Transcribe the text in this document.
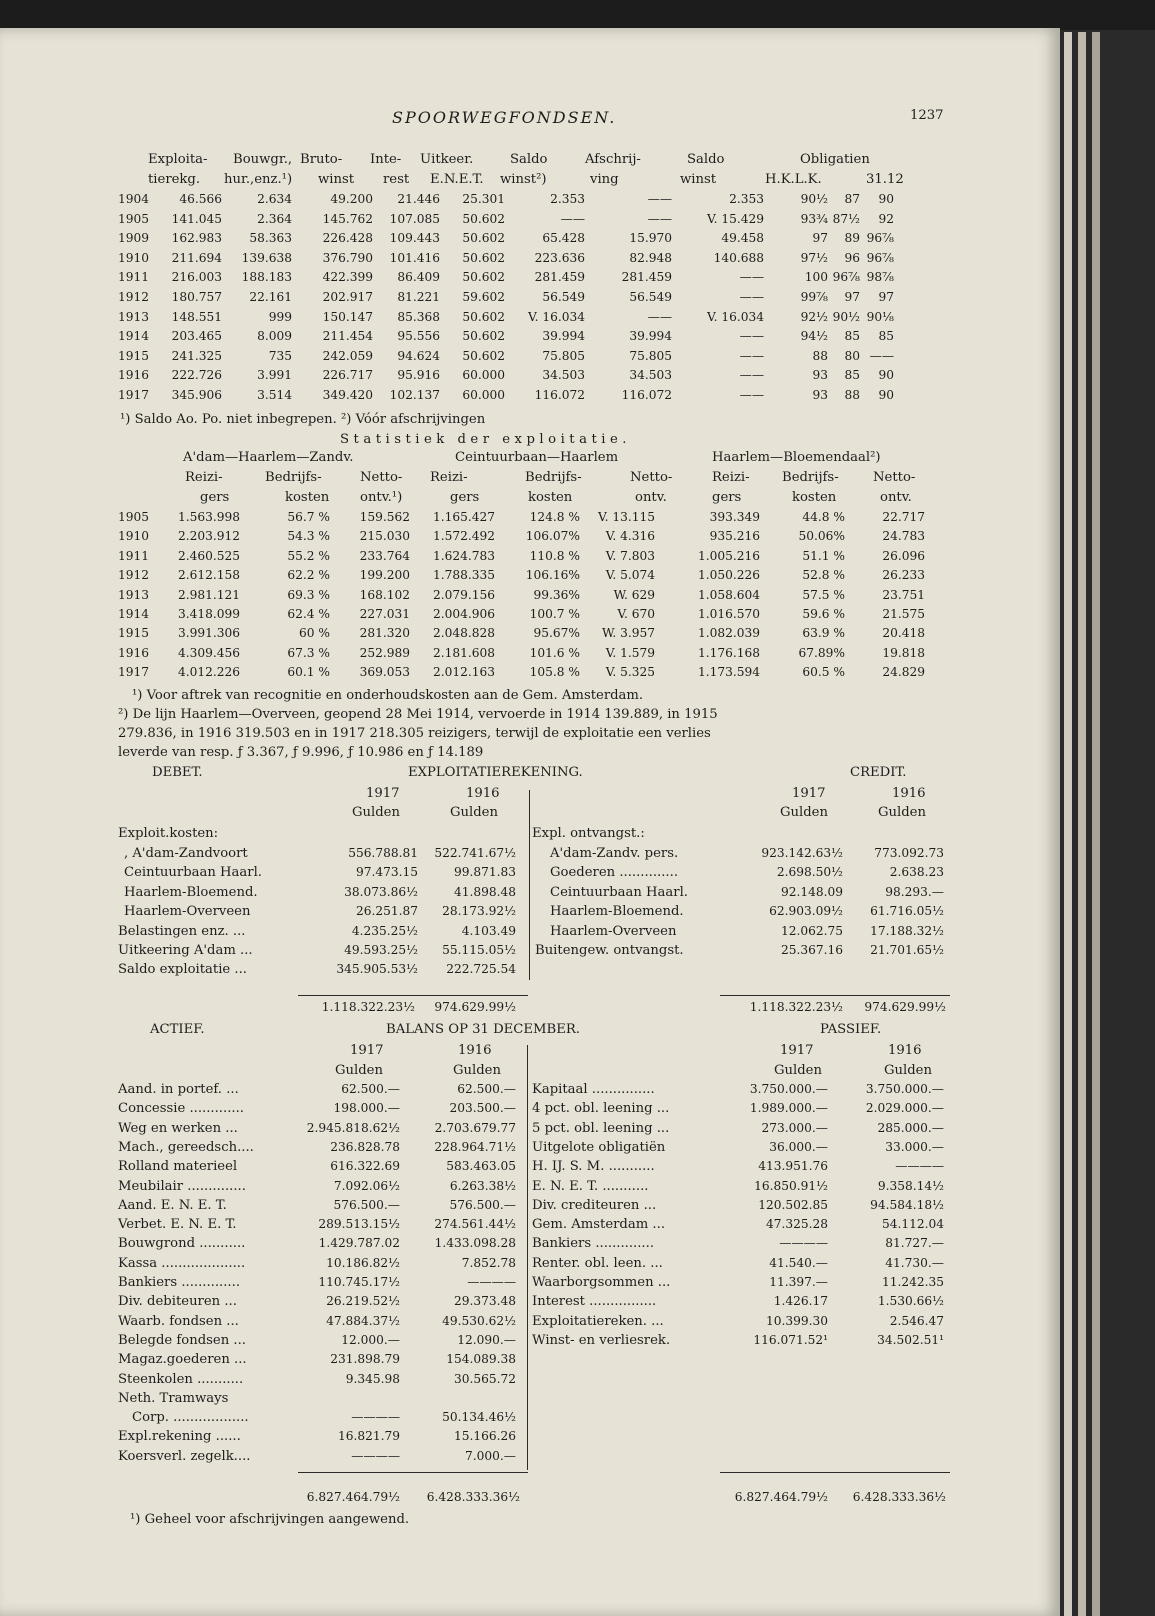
SPOORWEGFONDSEN.	1237
Exploita- Bouwgr., Bruto- Inte- Uitkeer.	Saldo	Afschrij-	Saldo	Obligatien
tierekg. hur.,enz.¹) winst rest E.N.E.T. winst²)	ving	winst	H.K.L.K.	31.12
1904	46.566	2.634	49.200	21.446	25.301	2.353	——	2.353	90½	87	90
1905	141.045	2.364	145.762	107.085	50.602	——	——	V. 15.429	93¾ 87½	92
1909	162.983	58.363	226.428	109.443	50.602	65.428	15.970	49.458	97	89 96⅞
1910	211.694	139.638	376.790	101.416	50.602	223.636	82.948	140.688	97½	96 96⅞
1911	216.003	188.183	422.399	86.409	50.602	281.459	281.459	——	100 96⅞ 98⅞
1912	180.757	22.161	202.917	81.221	59.602	56.549	56.549	——	99⅞	97	97
1913	148.551	999	150.147	85.368	50.602	V. 16.034	——	V. 16.034	92½ 90½ 90⅛
1914	203.465	8.009	211.454	95.556	50.602	39.994	39.994	——	94½	85	85
1915	241.325	735	242.059	94.624	50.602	75.805	75.805	——	88	80 ——
1916	222.726	3.991	226.717	95.916	60.000	34.503	34.503	——	93	85	90
1917	345.906	3.514	349.420	102.137	60.000	116.072	116.072	——	93	88	90
¹) Saldo Ao. Po. niet inbegrepen. ²) Vóór afschrijvingen
Statistiek der exploitatie.
A'dam—Haarlem—Zandv.	Ceintuurbaan—Haarlem	Haarlem—Bloemendaal²)
Reizi-	Bedrijfs-	Netto- Reizi-	Bedrijfs-	Netto-	Reizi- Bedrijfs-	Netto-
gers	kosten ontv.¹)	gers	kosten	ontv.	gers	kosten	ontv.
1905	1.563.998	56.7 %	159.562	1.165.427	124.8 %	V. 13.115	393.349	44.8 %	22.717
1910	2.203.912	54.3 %	215.030	1.572.492	106.07%	V. 4.316	935.216	50.06%	24.783
1911	2.460.525	55.2 %	233.764	1.624.783	110.8 %	V. 7.803	1.005.216	51.1 %	26.096
1912	2.612.158	62.2 %	199.200	1.788.335	106.16%	V. 5.074	1.050.226	52.8 %	26.233
1913	2.981.121	69.3 %	168.102	2.079.156	99.36%	W. 629	1.058.604	57.5 %	23.751
1914	3.418.099	62.4 %	227.031	2.004.906	100.7 %	V. 670	1.016.570	59.6 %	21.575
1915	3.991.306	60 %	281.320	2.048.828	95.67%	W. 3.957	1.082.039	63.9 %	20.418
1916	4.309.456	67.3 %	252.989	2.181.608	101.6 %	V. 1.579	1.176.168	67.89%	19.818
1917	4.012.226	60.1 %	369.053	2.012.163	105.8 %	V. 5.325	1.173.594	60.5 %	24.829
¹) Voor aftrek van recognitie en onderhoudskosten aan de Gem. Amsterdam.
²) De lijn Haarlem—Overveen, geopend 28 Mei 1914, vervoerde in 1914 139.889, in 1915
279.836, in 1916 319.503 en in 1917 218.305 reizigers, terwijl de exploitatie een verlies
leverde van resp. ƒ 3.367, ƒ 9.996, ƒ 10.986 en ƒ 14.189
DEBET.	EXPLOITATIEREKENING.	CREDIT.
1917	1916
Gulden	Gulden
1917	1916
Gulden	Gulden
Exploit.kosten:	Expl. ontvangst.:
, A'dam-Zandvoort	556.788.81	522.741.67½
Ceintuurbaan Haarl.	97.473.15	99.871.83
Haarlem-Bloemend.	38.073.86½	41.898.48
Haarlem-Overveen	26.251.87	28.173.92½
Belastingen enz. ...	4.235.25½	4.103.49
Uitkeering A'dam ...	49.593.25½	55.115.05½
Saldo exploitatie ...	345.905.53½	222.725.54
A'dam-Zandv. pers.	923.142.63½	773.092.73
Goederen ..............	2.698.50½	2.638.23
Ceintuurbaan Haarl.	92.148.09	98.293.—
Haarlem-Bloemend.	62.903.09½	61.716.05½
Haarlem-Overveen	12.062.75	17.188.32½
Buitengew. ontvangst.	25.367.16	21.701.65½
1.118.322.23½	974.629.99½	1.118.322.23½	974.629.99½
ACTIEF.	BALANS OP 31 DECEMBER.	PASSIEF.
1917	1916
Gulden	Gulden
1917	1916
Gulden	Gulden
Aand. in portef. ...	62.500.—	62.500.—
Concessie .............	198.000.—	203.500.—
Weg en werken ...	2.945.818.62½	2.703.679.77
Mach., gereedsch....	236.828.78	228.964.71½
Rolland materieel	616.322.69	583.463.05
Meubilair ..............	7.092.06½	6.263.38½
Aand. E. N. E. T.	576.500.—	576.500.—
Verbet. E. N. E. T.	289.513.15½	274.561.44½
Bouwgrond ...........	1.429.787.02	1.433.098.28
Kassa ....................	10.186.82½	7.852.78
Bankiers ..............	110.745.17½	————
Div. debiteuren ...	26.219.52½	29.373.48
Waarb. fondsen ...	47.884.37½	49.530.62½
Belegde fondsen ...	12.000.—	12.090.—
Magaz.goederen ...	231.898.79	154.089.38
Steenkolen ...........	9.345.98	30.565.72
Neth. Tramways

Corp. ..................	————	50.134.46½
Expl.rekening ......	16.821.79	15.166.26
Koersverl. zegelk....	————	7.000.—
Kapitaal ...............	3.750.000.—	3.750.000.—
4 pct. obl. leening ...	1.989.000.—	2.029.000.—
5 pct. obl. leening ...	273.000.—	285.000.—
Uitgelote obligatiën	36.000.—	33.000.—
H. IJ. S. M. ...........	413.951.76	————
E. N. E. T. ...........	16.850.91½	9.358.14½
Div. crediteuren ...	120.502.85	94.584.18½
Gem. Amsterdam ...	47.325.28	54.112.04
Bankiers ..............	————	81.727.—
Renter. obl. leen. ...	41.540.—	41.730.—
Waarborgsommen ...	11.397.—	11.242.35
Interest ................	1.426.17	1.530.66½
Exploitatiereken. ...	10.399.30	2.546.47
Winst- en verliesrek.	116.071.52¹	34.502.51¹
6.827.464.79½	6.428.333.36½	6.827.464.79½	6.428.333.36½
¹) Geheel voor afschrijvingen aangewend.
